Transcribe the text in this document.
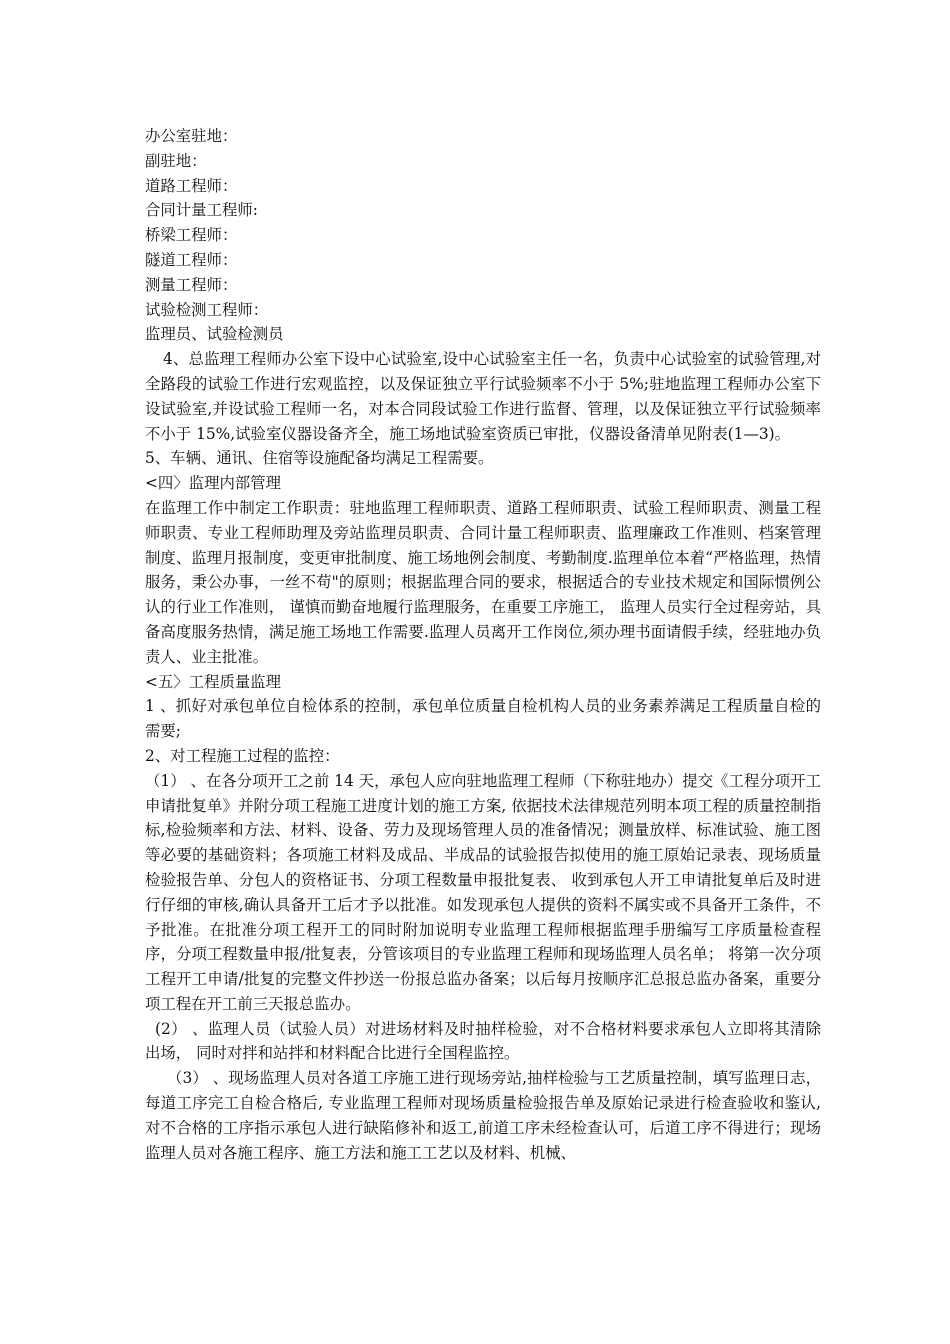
办公室驻地：

副驻地：

道路工程师：

合同计量工程师:

桥梁工程师：

隧道工程师：

测量工程师：

试验检测工程师：

监理员、试验检测员

4、总监理工程师办公室下设中心试验室,设中心试验室主任一名，负责中心试验室的试验管理,对全路段的试验工作进行宏观监控，以及保证独立平行试验频率不小于 5%;驻地监理工程师办公室下设试验室,并设试验工程师一名，对本合同段试验工作进行监督、管理，以及保证独立平行试验频率不小于 15%,试验室仪器设备齐全，施工场地试验室资质已审批，仪器设备清单见附表(1—3)。

5、车辆、通讯、住宿等设施配备均满足工程需要。

<四〉监理内部管理

在监理工作中制定工作职责：驻地监理工程师职责、道路工程师职责、试验工程师职责、测量工程师职责、专业工程师助理及旁站监理员职责、合同计量工程师职责、监理廉政工作准则、档案管理制度、监理月报制度，变更审批制度、施工场地例会制度、考勤制度.监理单位本着“严格监理，热情服务，秉公办事，一丝不苟"的原则；根据监理合同的要求，根据适合的专业技术规定和国际惯例公认的行业工作准则， 谨慎而勤奋地履行监理服务，在重要工序施工， 监理人员实行全过程旁站，具备高度服务热情，满足施工场地工作需要.监理人员离开工作岗位,须办理书面请假手续，经驻地办负责人、业主批准。

<五〉工程质量监理

1 、抓好对承包单位自检体系的控制，承包单位质量自检机构人员的业务素养满足工程质量自检的需要;

2、对工程施工过程的监控：

（1） 、在各分项开工之前 14 天，承包人应向驻地监理工程师（下称驻地办）提交《工程分项开工申请批复单》并附分项工程施工进度计划的施工方案, 依据技术法律规范列明本项工程的质量控制指标,检验频率和方法、材料、设备、劳力及现场管理人员的准备情况；测量放样、标准试验、施工图等必要的基础资料；各项施工材料及成品、半成品的试验报告拟使用的施工原始记录表、现场质量检验报告单、分包人的资格证书、分项工程数量申报批复表、 收到承包人开工申请批复单后及时进行仔细的审核,确认具备开工后才予以批准。如发现承包人提供的资料不属实或不具备开工条件，不予批准。在批准分项工程开工的同时附加说明专业监理工程师根据监理手册编写工序质量检查程序，分项工程数量申报/批复表，分管该项目的专业监理工程师和现场监理人员名单； 将第一次分项工程开工申请/批复的完整文件抄送一份报总监办备案；以后每月按顺序汇总报总监办备案，重要分项工程在开工前三天报总监办。

(2） 、监理人员（试验人员）对进场材料及时抽样检验，对不合格材料要求承包人立即将其清除出场， 同时对拌和站拌和材料配合比进行全国程监控。

（3） 、现场监理人员对各道工序施工进行现场旁站,抽样检验与工艺质量控制，填写监理日志，每道工序完工自检合格后, 专业监理工程师对现场质量检验报告单及原始记录进行检查验收和鉴认, 对不合格的工序指示承包人进行缺陷修补和返工,前道工序未经检查认可，后道工序不得进行；现场监理人员对各施工程序、施工方法和施工工艺以及材料、机械、
